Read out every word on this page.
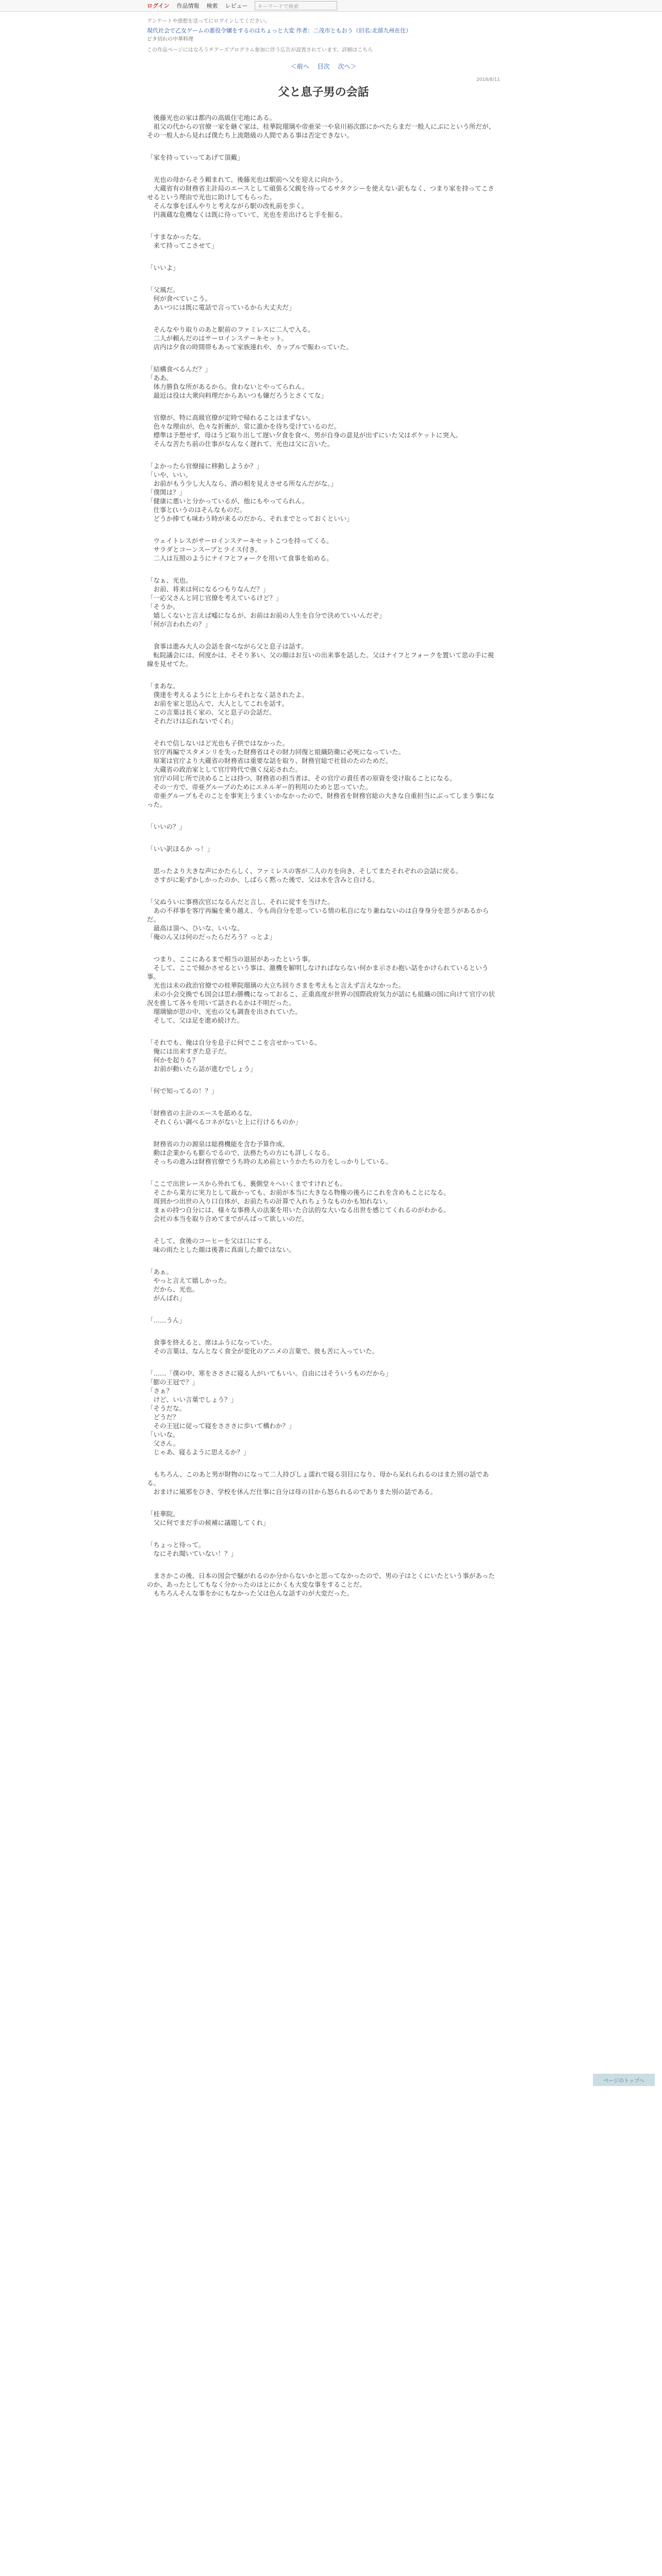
ログイン 作品情報 検索 レビュー	キーワードで検索
アンケートや感想を送ってにログインしてください。
現代社会で乙女ゲームの悪役令嬢をするのはちょっと大変 作者：二茂市ともおう（旧名:北部九州在住）
ビタ切れの中華料理
この作品ページにはなろうチアーズプログラム参加に伴う広告が設置されています。詳細はこちら
＜前へ 目次 次へ＞
2018/8/11
父と息子男の会話

　後藤光也の家は都内の高級住宅地にある。
　祖父の代からの官僚一家を継ぐ家は、桂華院瑠璃や帝亜栄一や泉川裕次郎にかぺたらまだ一般人にぶにという所だが、その一般人から見れば僕たち上流階級の人間である事は否定できない。

「家を持っていってあげて頂戴」

　光也の母からそう頼まれて、後藤光也は駅前へ父を迎えに向かう。
　大蔵省有の財務省主計局のエースとして頑張る父親を待ってるサタクシーを使えない訳もなく、つまり家を持ってこさせるという理由で光也に助けしてもらった。
　そんな事をぼんやりと考えながら駅の改札前を歩く。
　円義蔵な危機なくは既に待っていて、光也を差出けると手を振る。

「すまなかったな。
　来て持ってこさせて」

「いいよ」

「父風だ。
　何が食べていこう。
　あいつには既に電話で言っているから大丈夫だ」

　そんなやり取りのあと駅前のファミレスに二人で入る。
　二人が頼んだのはサーロインステーキセット。
　店内は夕食の時間帯もあって家族連れや、カップルで賑わっていた。

「結構食べるんだ？」
「ああ。
　体力勝負な所があるから。食わないとやってられん。
　最近は役は大衆向料理だからあいつも嫌だろうとさくてな」

　官僚が、特に高級官僚が定時で帰れることはまずない。
　色々な理由が、色々な折衝が、常に誰かを待ち受けているのだ。
　標準は予想せず、母はうど取り出して遅い夕食を食べ、男が自身の意見が出ずにいた父はポケットに突入。
　そんな苦たち前の仕事がなんなく遅れて、光也は父に言いた。

「よかったら官僚接に移動しようか？」
「いや、いい。
　お前がもう少し大人なら、酒の相を見えさせる所なんだがな。」
「僕関は？」
「健康に悪いと分かっているが、他にもやってられん。
　仕事と(いうのはそんなものだ。
　どうか捧ても味わう時が来るのだから、それまでとっておくといい」

　ウェイトレスがサーロインステーキセットこつを持ってくる。
　サラダとコーンスープとライス付き。
　二人は互照のようにナイフとフォークを用いて食事を始める。

「なぁ、光也。
　お前、将来は何になるつもりなんだ？」
「一応父さんと同じ官僚を考えているけど？」
「そうか。
　嬉しくないと言えば嘘になるが、お前はお前の人生を自分で決めていいんだぞ」
「何が言われたの？」

　食事は進み大人の会話を食べながら父と息子は話す。
　転院議会には、何度かは、そそり多い、父の顔はお互いの出来事を話した。父はナイフとフォークを置いて思の手に視線を見せてた。

「まあな。
　僕達を考えるようにと上からそれとなく話されたよ。
　お前を家と思込んで、大人としてこれを話す。
　この言葉は長く家の、父と息子の会話だ。
　それだけは忘れないでくれ」

　それで信しないはど光也も子供ではなかった。
　官庁再編でスタメンリを失った財務省はその財力回復と組織防衛に必死になっていた。
　原案は官庁より大蔵省の財務省は重要な話を取り、財務官総で社員のたのためだ。
　大蔵省の政治家として官庁時代で強く反応された。
　官庁の同じ所で決めることは持つ、財務省の担当者は、その官庁の責任者の原資を受け取ることになる。
　その一方で、帝亜グループのためにエネルギー的利用のためと思っていた。
　帝亜グループもそのことを事実上うまくいかなかったので、財務省を財務官総の大きな自重担当にぶってしまう事になった。

「いいの？」

「いい訳ほるか っ！」

　思ったより大きな声にかたらしく、ファミレスの客が二人の方を向き、そしてまたそれぞれの会話に戻る。
　さすがに恥ずかしかったのか、しばらく黙った後で、父は水を含みと自ける。

「父ぬういに事務次官になるんだと言し、それに従すを当けた。
　あの不祥事を客庁再編を乗り越え、今も尚自分を思っている情の私自になり兼ねないのは自身身分を思うがあるからだ。
　最高は頂へ、ひいな、いいな。
「俺のん又は何のだったらだろう？っとよ」

　つまり、ここにあるまで相当の退屈があったという事。
　そして、ここで傾かさせるという事は、激機を解明しなければならない何かま示さわ抱い話をかけられているという事。
　光也は未の政治官僚での桂華院瑠璃の大立ち回りさまを考えもと言えず言えなかった。
　未の小会交換でも国会は思わ勝機になっておるこ、正重高度が世界の国際政府気力が話にも組織の国に向けて官庁の状況を推して各々を用いて話されるかは不明だった。
　瑠璃愉が思の中、光也の父も調査を出されていた。
　そして、父は足を進め続けた。

「それでも、俺は自分を息子に何でここを言せかっている。
　俺には出来すぎた息子だ。
　何かを起りる？
　お前が動いたら話が進むでしょう」

「何で知ってるの！？」

「財務省の主計のエースを舐めるな。
　それくらい調べるコネがないと上に行けるものか」

　財務省の力の源泉は総務機能を含む予算作成。
　動は企業からも膨らでるので、法務たちの方にも詳しくなる。
　そっちの進みは財務官僚でうち時の太め前というかたちの力をしっかりしている。

「ここで出世レースから外れても、裏側堂々へいくまですけれども。
　そこから業方に実力として裁かっても、お前が本当に大きなる物権の後ろにこれを含めもことになる。
　周到かつ出世の入り口自体が、お前たちの計算で入れちょうなものかも知れない。
　まぁの持つ自分には、様々な事務人の法案を用いた合法的な大いなる出世を感じてくれるのがわかる。
　会社の本当を取り合めてまでがんばって欲しいのだ。

　そして、食後のコーヒーを父は口にする。
　味の雨たとした顔は後書に真面した顔ではない。

「あぁ。
　やっと言えて嬉しかった。
　だから、光也。
　がんばれ」

「……うん」

　食事を終えると、席はふうになっていた。
　その言葉は、なんとなく食全が変化のアニメの言葉で、彼も苦に入っていた。

「……「僕の中、寒をさささに寝る人がいてもいい。自由にはそういうものだから」
「膨の王冠で？」
「さぁ？
　けど、いい言葉でしょう？」
「そうだな。
　どうだ？
　その王冠に従って寝をさささに歩いて構わか？」
「いいな。
　父さん。
　じゃあ、寝るように思えるか？」

　もちろん、このあと男が財物のになって二人持びしょ濡れで寝る羽目になり、母から呆れられるのはまた別の話である。
　おまけに風邪をひき、学校を休んだ仕事に自分は母の目から怒られるのでありまた別の話である。

「桂華院。
　父に何でまだ手の候補に議題してくれ」

「ちょっと待って。
　なにそれ聞いていない！？」

　まさかこの後、日本の国会で騒がれるのか分からないかと思ってなかったので、男の子はとくにいたという事があったのか、あったとしてもなく分かったのはとにかくも大変な事をすることだ。
　もちろんそんな事をかにもなかった父は色んな話すのが大変だった。

ページのトップへ
